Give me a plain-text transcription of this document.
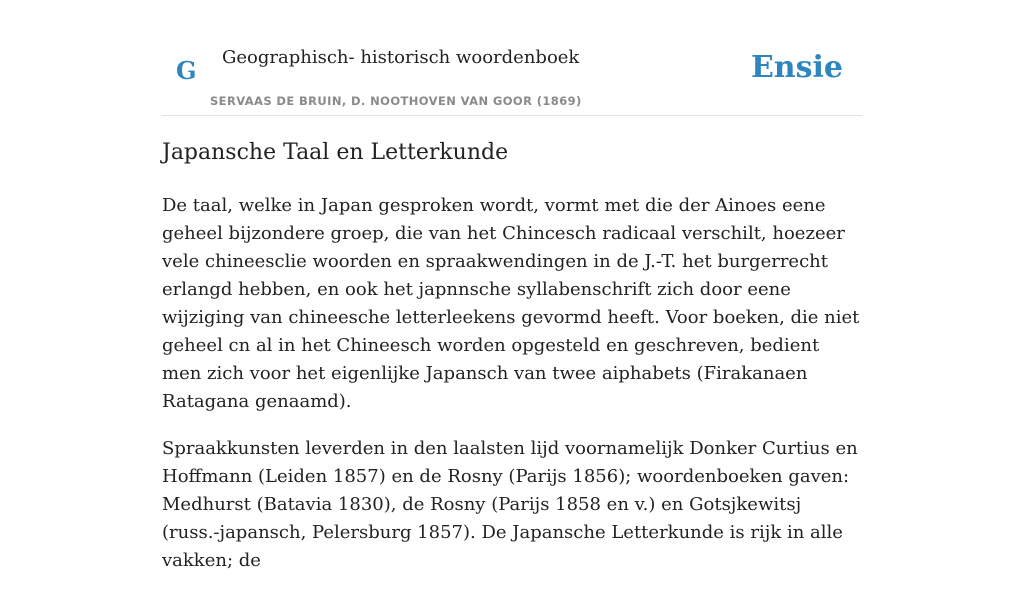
G Geographisch- historisch woordenboek
SERVAAS DE BRUIN, D. NOOTHOVEN VAN GOOR (1869)
Ensie
Japansche Taal en Letterkunde

De taal, welke in Japan gesproken wordt, vormt met die der Ainoes eene geheel bijzondere groep, die van het Chincesch radicaal verschilt, hoezeer vele chineesclie woorden en spraakwendingen in de J.-T. het burgerrecht erlangd hebben, en ook het japnnsche syllabenschrift zich door eene wijziging van chineesche letterleekens gevormd heeft. Voor boeken, die niet geheel cn al in het Chineesch worden opgesteld en geschreven, bedient men zich voor het eigenlijke Japansch van twee aiphabets (Firakanaen Ratagana genaamd).

Spraakkunsten leverden in den laalsten lijd voornamelijk Donker Curtius en Hoffmann (Leiden 1857) en de Rosny (Parijs 1856); woordenboeken gaven: Medhurst (Batavia 1830), de Rosny (Parijs 1858 en v.) en Gotsjkewitsj (russ.-japansch, Pelersburg 1857). De Japansche Letterkunde is rijk in alle vakken; de
